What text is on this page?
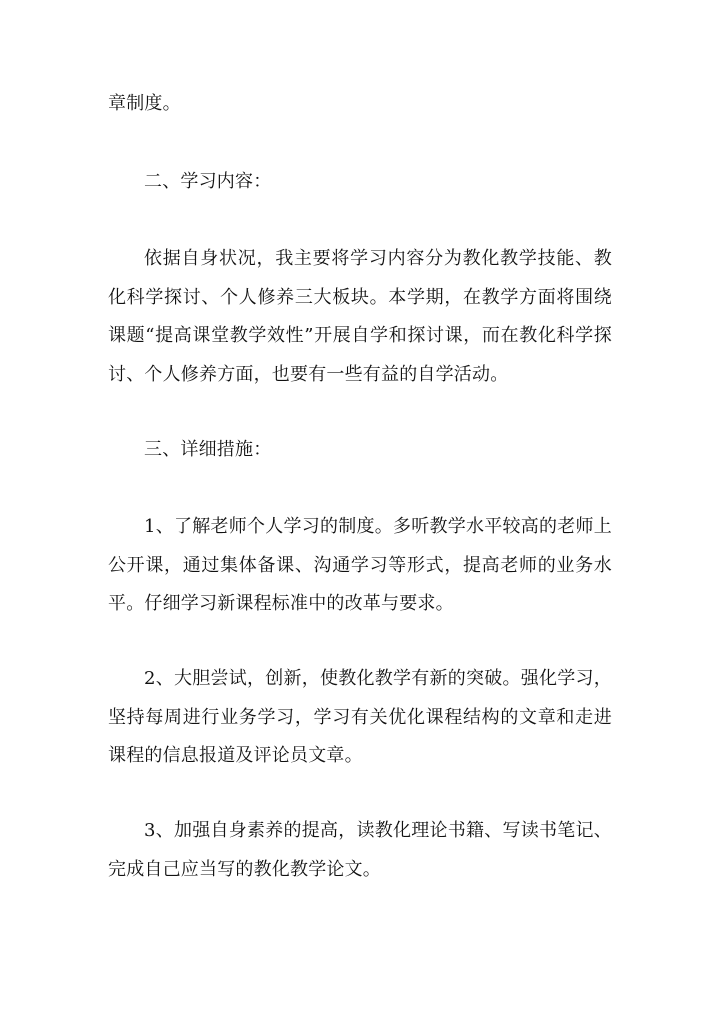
章制度。

二、学习内容：

依据自身状况，我主要将学习内容分为教化教学技能、教化科学探讨、个人修养三大板块。本学期，在教学方面将围绕课题“提高课堂教学效性”开展自学和探讨课，而在教化科学探讨、个人修养方面，也要有一些有益的自学活动。

三、详细措施：

1、了解老师个人学习的制度。多听教学水平较高的老师上公开课，通过集体备课、沟通学习等形式，提高老师的业务水平。仔细学习新课程标准中的改革与要求。

2、大胆尝试，创新，使教化教学有新的突破。强化学习，坚持每周进行业务学习，学习有关优化课程结构的文章和走进课程的信息报道及评论员文章。

3、加强自身素养的提高，读教化理论书籍、写读书笔记、完成自己应当写的教化教学论文。
